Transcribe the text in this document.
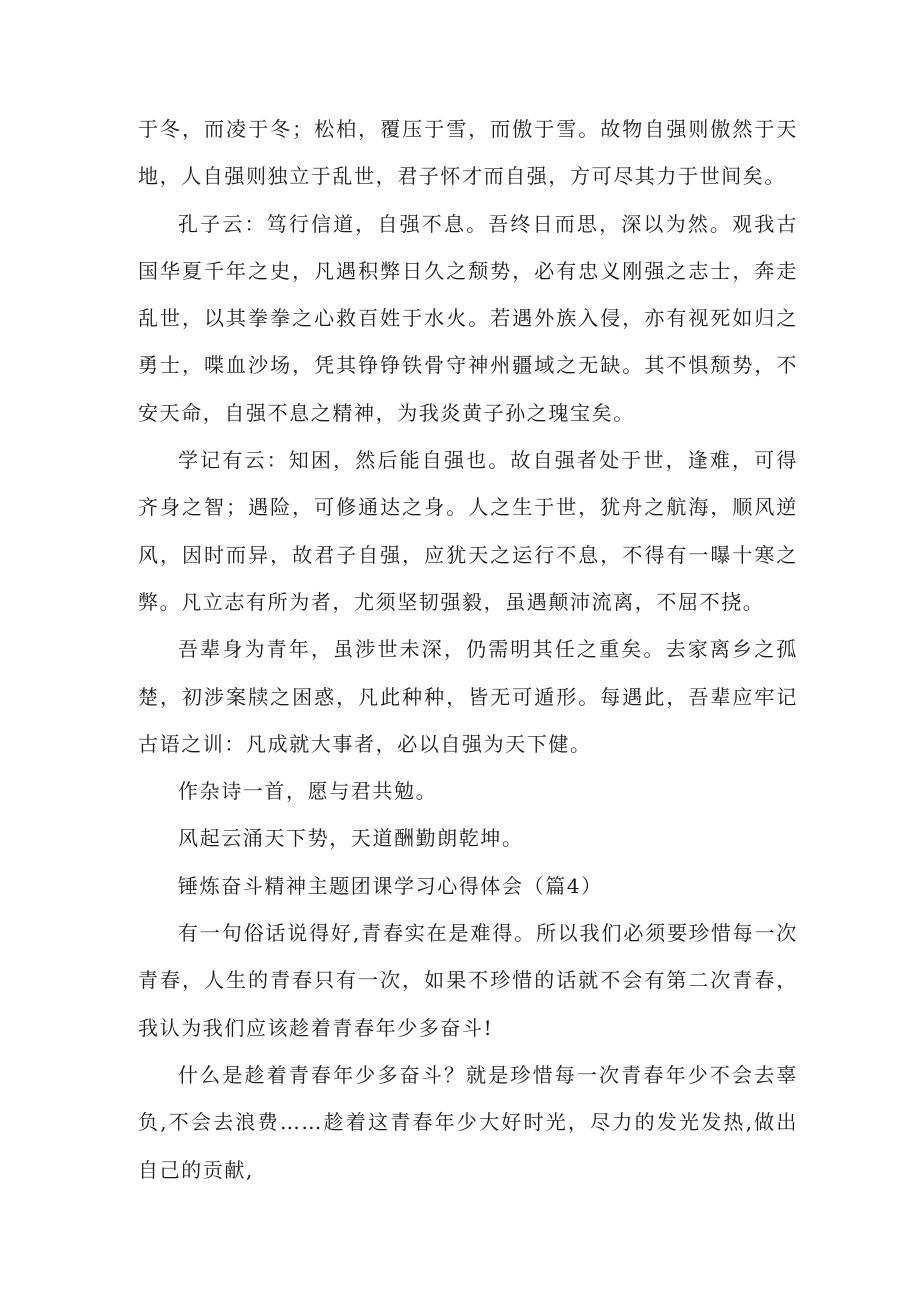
于冬，而凌于冬；松柏，覆压于雪，而傲于雪。故物自强则傲然于天地，人自强则独立于乱世，君子怀才而自强，方可尽其力于世间矣。

孔子云：笃行信道，自强不息。吾终日而思，深以为然。观我古国华夏千年之史，凡遇积弊日久之颓势，必有忠义刚强之志士，奔走乱世，以其拳拳之心救百姓于水火。若遇外族入侵，亦有视死如归之勇士，喋血沙场，凭其铮铮铁骨守神州疆域之无缺。其不惧颓势，不安天命，自强不息之精神，为我炎黄子孙之瑰宝矣。

学记有云：知困，然后能自强也。故自强者处于世，逢难，可得齐身之智；遇险，可修通达之身。人之生于世，犹舟之航海，顺风逆风，因时而异，故君子自强，应犹天之运行不息，不得有一曝十寒之弊。凡立志有所为者，尤须坚韧强毅，虽遇颠沛流离，不屈不挠。

吾辈身为青年，虽涉世未深，仍需明其任之重矣。去家离乡之孤楚，初涉案牍之困惑，凡此种种，皆无可遁形。每遇此，吾辈应牢记古语之训：凡成就大事者，必以自强为天下健。

作杂诗一首，愿与君共勉。

风起云涌天下势，天道酬勤朗乾坤。

锤炼奋斗精神主题团课学习心得体会（篇4）

有一句俗话说得好,青春实在是难得。所以我们必须要珍惜每一次青春，人生的青春只有一次，如果不珍惜的话就不会有第二次青春，我认为我们应该趁着青春年少多奋斗!

什么是趁着青春年少多奋斗？就是珍惜每一次青春年少不会去辜负,不会去浪费……趁着这青春年少大好时光，尽力的发光发热,做出自己的贡献,
